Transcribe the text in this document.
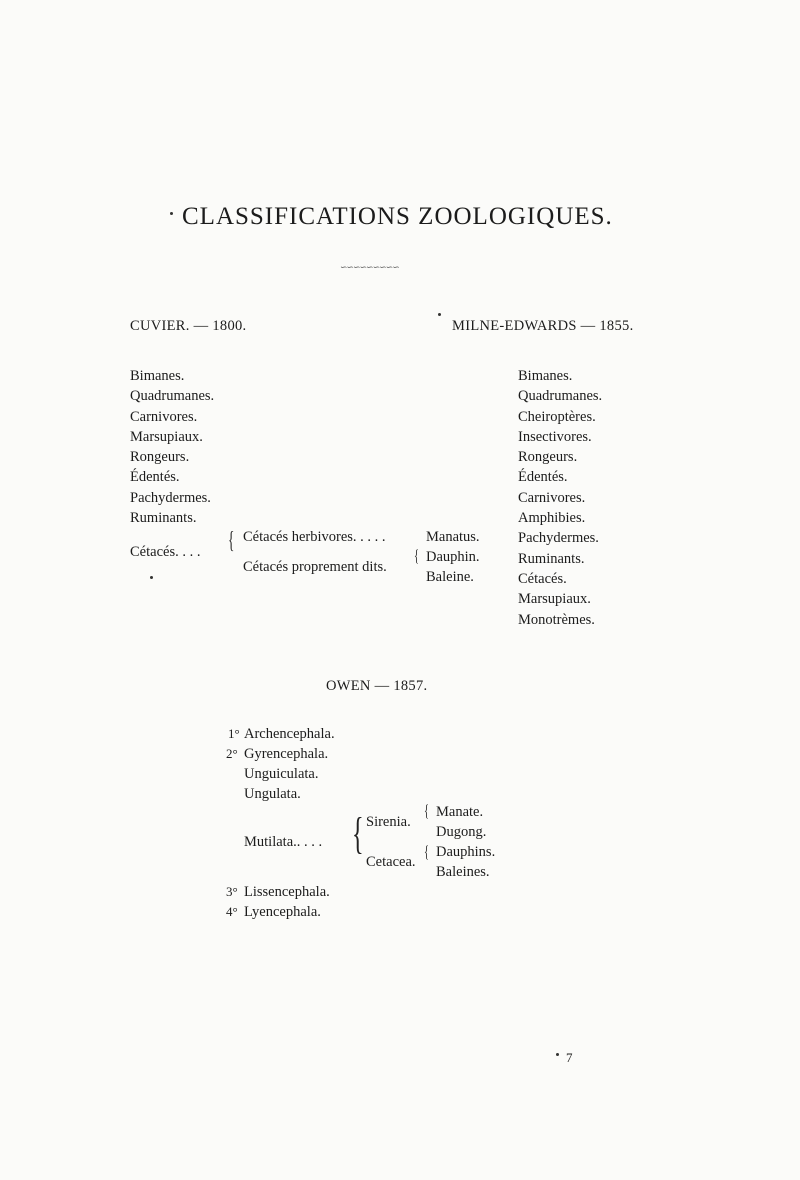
CLASSIFICATIONS ZOOLOGIQUES.
∽∽∽∽∽∽∽∽∽
CUVIER. — 1800.
Bimanes.
Quadrumanes.
Carnivores.
Marsupiaux.
Rongeurs.
Édentés.
Pachydermes.
Ruminants.
Cétacés. . . . { Cétacés herbivores. . . . .	Manatus.
Cétacés proprement dits.
{ Dauphin.
Baleine.
MILNE-EDWARDS — 1855.
Bimanes.
Quadrumanes.
Cheiroptères.
Insectivores.
Rongeurs.
Édentés.
Carnivores.
Amphibies.
Pachydermes.
Ruminants.
Cétacés.
Marsupiaux.
Monotrèmes.
OWEN — 1857.
1° Archencephala.
2° Gyrencephala.
Unguiculata.
Ungulata.
Mutilata.. . . . { Sirenia.
{ Manate.
Dugong.
Cetacea.
{ Dauphins.
Baleines.
3° Lissencephala.
4° Lyencephala.
7
